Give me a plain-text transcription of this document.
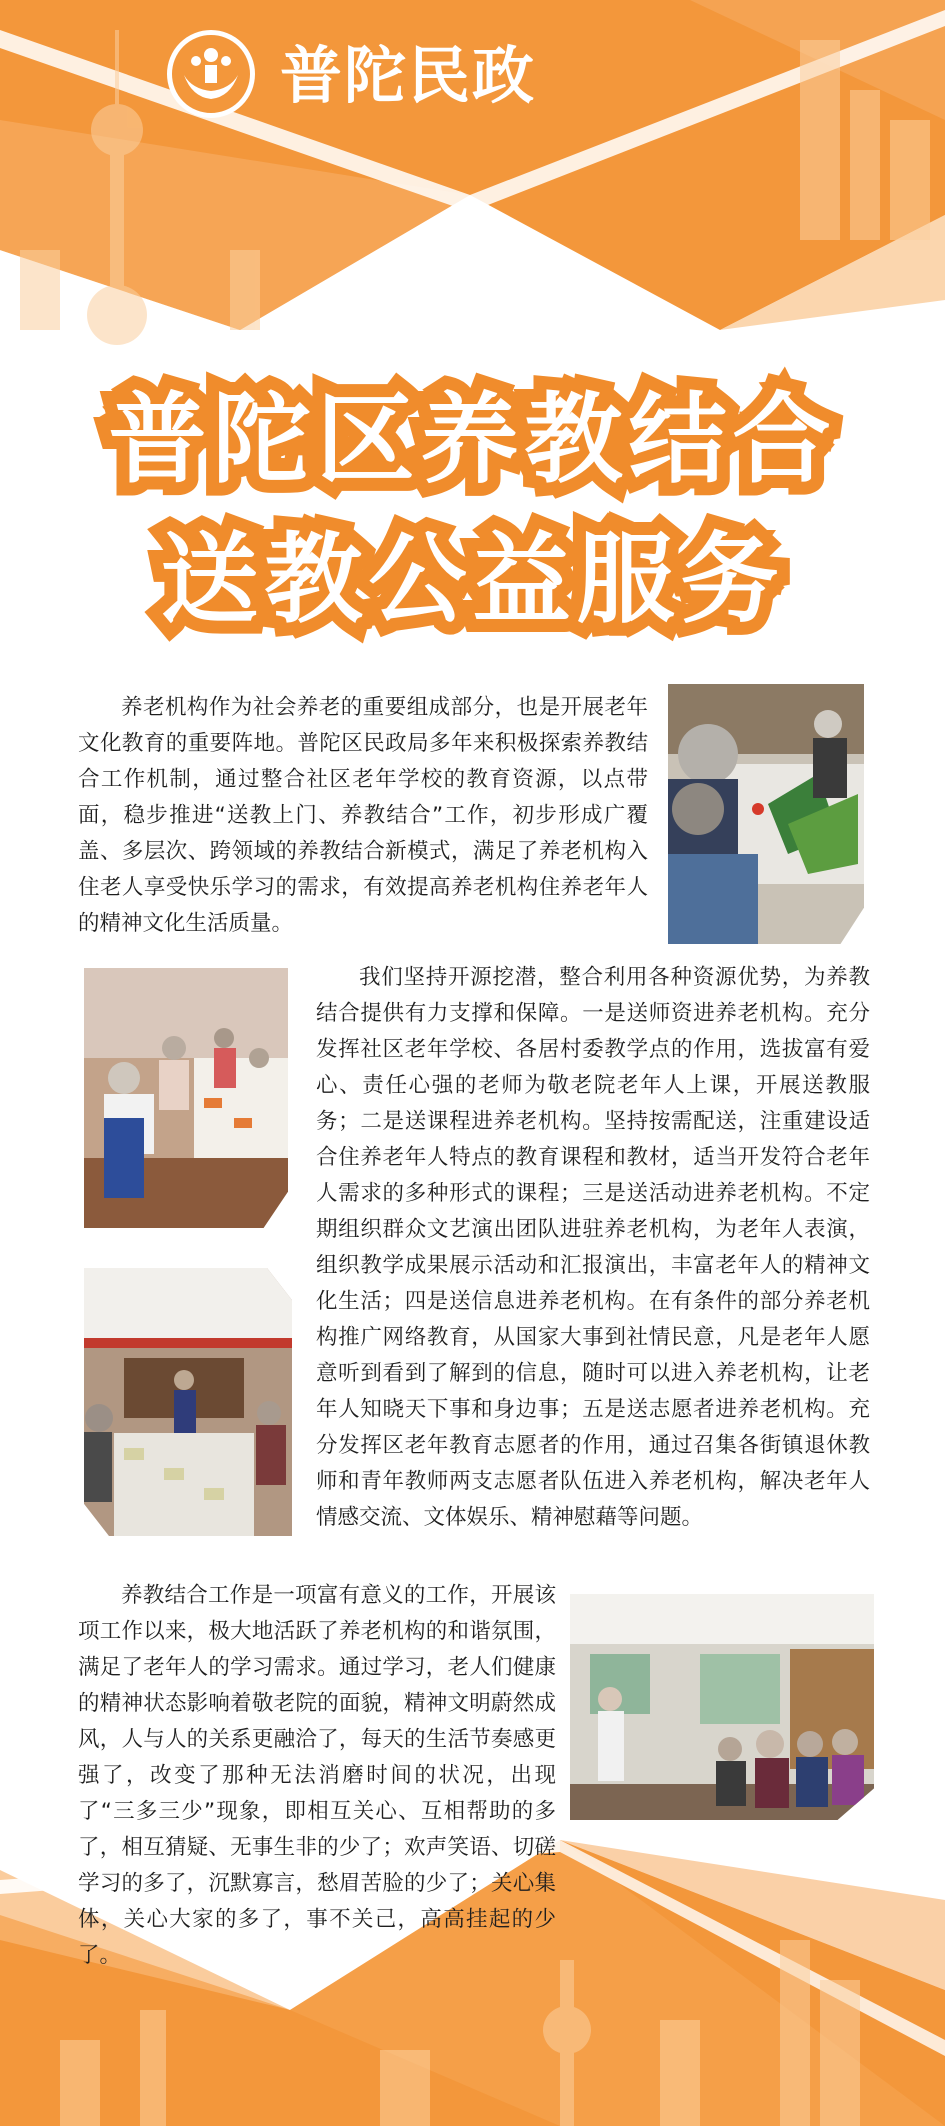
普陀民政
普陀区养教结合
送教公益服务

养老机构作为社会养老的重要组成部分，也是开展老年文化教育的重要阵地。普陀区民政局多年来积极探索养教结合工作机制，通过整合社区老年学校的教育资源，以点带面，稳步推进“送教上门、养教结合”工作，初步形成广覆盖、多层次、跨领域的养教结合新模式，满足了养老机构入住老人享受快乐学习的需求，有效提高养老机构住养老年人的精神文化生活质量。

我们坚持开源挖潜，整合利用各种资源优势，为养教结合提供有力支撑和保障。一是送师资进养老机构。充分发挥社区老年学校、各居村委教学点的作用，选拔富有爱心、责任心强的老师为敬老院老年人上课，开展送教服务；二是送课程进养老机构。坚持按需配送，注重建设适合住养老年人特点的教育课程和教材，适当开发符合老年人需求的多种形式的课程；三是送活动进养老机构。不定期组织群众文艺演出团队进驻养老机构，为老年人表演，组织教学成果展示活动和汇报演出，丰富老年人的精神文化生活；四是送信息进养老机构。在有条件的部分养老机构推广网络教育，从国家大事到社情民意，凡是老年人愿意听到看到了解到的信息，随时可以进入养老机构，让老年人知晓天下事和身边事；五是送志愿者进养老机构。充分发挥区老年教育志愿者的作用，通过召集各街镇退休教师和青年教师两支志愿者队伍进入养老机构，解决老年人情感交流、文体娱乐、精神慰藉等问题。

养教结合工作是一项富有意义的工作，开展该项工作以来，极大地活跃了养老机构的和谐氛围，满足了老年人的学习需求。通过学习，老人们健康的精神状态影响着敬老院的面貌，精神文明蔚然成风，人与人的关系更融洽了，每天的生活节奏感更强了，改变了那种无法消磨时间的状况，出现了“三多三少”现象，即相互关心、互相帮助的多了，相互猜疑、无事生非的少了；欢声笑语、切磋学习的多了，沉默寡言，愁眉苦脸的少了；关心集体，关心大家的多了，事不关己，高高挂起的少了。
